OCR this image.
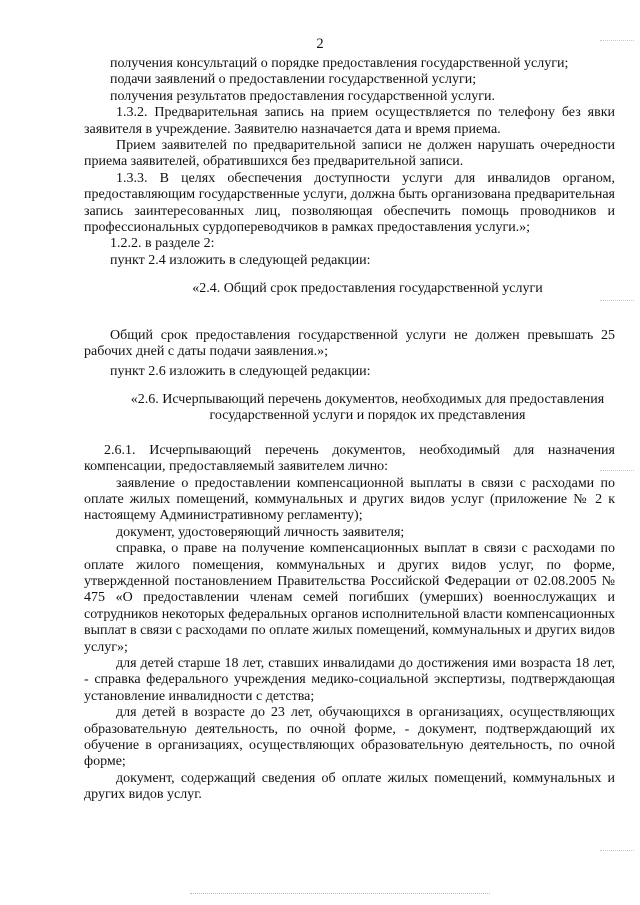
2

получения консультаций о порядке предоставления государственной услуги;

подачи заявлений о предоставлении государственной услуги;

получения результатов предоставления государственной услуги.

1.3.2. Предварительная запись на прием осуществляется по телефону без явки заявителя в учреждение. Заявителю назначается дата и время приема.

Прием заявителей по предварительной записи не должен нарушать очередности приема заявителей, обратившихся без предварительной записи.

1.3.3. В целях обеспечения доступности услуги для инвалидов органом, предоставляющим государственные услуги, должна быть организована предварительная запись заинтересованных лиц, позволяющая обеспечить помощь проводников и профессиональных сурдопереводчиков в рамках предоставления услуги.»;

1.2.2. в разделе 2:

пункт 2.4 изложить в следующей редакции:

«2.4. Общий срок предоставления государственной услуги

Общий срок предоставления государственной услуги не должен превышать 25 рабочих дней с даты подачи заявления.»;

пункт 2.6 изложить в следующей редакции:

«2.6. Исчерпывающий перечень документов, необходимых для предоставления государственной услуги и порядок их представления

2.6.1. Исчерпывающий перечень документов, необходимый для назначения компенсации, предоставляемый заявителем лично:

заявление о предоставлении компенсационной выплаты в связи с расходами по оплате жилых помещений, коммунальных и других видов услуг (приложение № 2 к настоящему Административному регламенту);

документ, удостоверяющий личность заявителя;

справка, о праве на получение компенсационных выплат в связи с расходами по оплате жилого помещения, коммунальных и других видов услуг, по форме, утвержденной постановлением Правительства Российской Федерации от 02.08.2005 № 475 «О предоставлении членам семей погибших (умерших) военнослужащих и сотрудников некоторых федеральных органов исполнительной власти компенсационных выплат в связи с расходами по оплате жилых помещений, коммунальных и других видов услуг»;

для детей старше 18 лет, ставших инвалидами до достижения ими возраста 18 лет, - справка федерального учреждения медико-социальной экспертизы, подтверждающая установление инвалидности с детства;

для детей в возрасте до 23 лет, обучающихся в организациях, осуществляющих образовательную деятельность, по очной форме, - документ, подтверждающий их обучение в организациях, осуществляющих образовательную деятельность, по очной форме;

документ, содержащий сведения об оплате жилых помещений, коммунальных и других видов услуг.
